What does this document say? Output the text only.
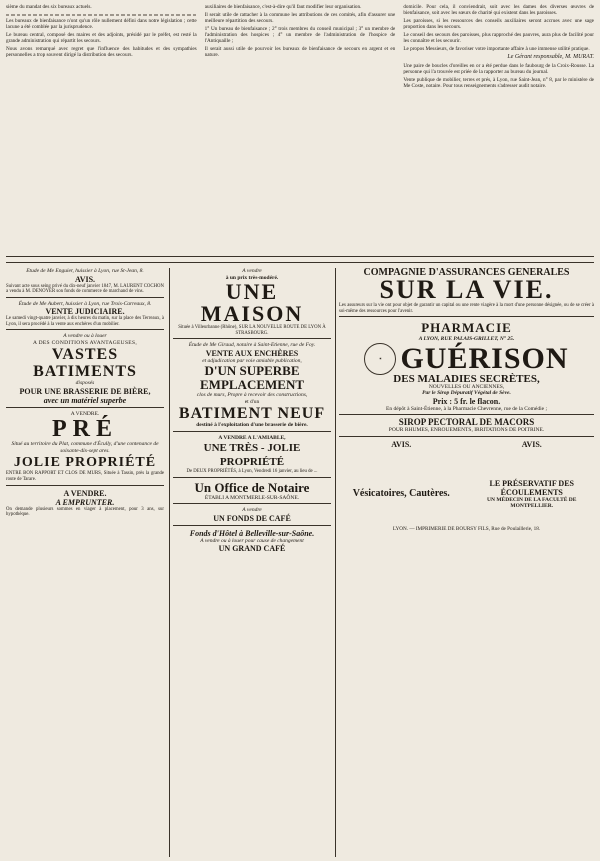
sième du mandat des six bureaux actuels.

Les bureaux de bienfaisance n'ont qu'un rôle nullement défini dans notre législation ; cette lacune a été comblée par la jurisprudence.

Le bureau central, composé des maires et des adjoints, présidé par le préfet, est resté la grande administration qui répartit les secours.

Nous avons remarqué avec regret que l'influence des habitudes et des sympathies personnelles a trop souvent dirigé la distribution des secours.

auxiliaires de bienfaisance, c'est-à-dire qu'il faut modifier leur organisation.

Il serait utile de rattacher à la commune les attributions de ces comités, afin d'assurer une meilleure répartition des secours.

1° Un bureau de bienfaisance ; 2° trois membres du conseil municipal ; 3° un membre de l'administration des hospices ; 4° un membre de l'administration de l'hospice de l'Antiquaille ;

Il serait aussi utile de pourvoir les bureaux de bienfaisance de secours en argent et en nature.

domicile. Pour cela, il conviendrait, soit avec les dames des diverses œuvres de bienfaisance, soit avec les sœurs de charité qui existent dans les paroisses.

Les paroisses, si les ressources des conseils auxiliaires seront accrues avec une sage proportion dans les secours.

Le conseil des secours des paroisses, plus rapproché des pauvres, aura plus de facilité pour les connaître et les secourir.

Le propos Messieurs, de favoriser votre importante affaire à une immense utilité pratique.

Le Gérant responsable, M. MURAT.

Une paire de boucles d'oreilles en or a été perdue dans le faubourg de la Croix-Rousse. La personne qui l'a trouvée est priée de la rapporter au bureau du journal.

Vente publique de mobilier, terres et prés, à Lyon, rue Saint-Jean, n° 8, par le ministère de Me Coste, notaire. Pour tous renseignements s'adresser audit notaire.

Étude de Me Enguier, huissier à Lyon, rue St-Jean, 8.
AVIS.
Suivant acte sous seing privé du dix-neuf janvier 1847, M. LAURENT COCHON a vendu à M. DENOYER son fonds de commerce de marchand de vins.
Étude de Me Aubert, huissier à Lyon, rue Trois-Carreaux, 8.
VENTE JUDICIAIRE.
Le samedi vingt-quatre janvier, à dix heures du matin, sur la place des Terreaux, à Lyon, il sera procédé à la vente aux enchères d'un mobilier.
A vendre ou à louer
A DES CONDITIONS AVANTAGEUSES,
VASTES BATIMENTS
disposés
POUR UNE BRASSERIE DE BIÈRE,
avec un matériel superbe
A VENDRE.
PRÉ
Situé au territoire du Plat, commune d'Écully, d'une contenance de soixante-dix-sept ares.
JOLIE PROPRIÉTÉ
ENTRE BON RAPPORT ET CLOS DE MURS, Située à Tassin, près la grande route de Tarare.
A VENDRE.
A EMPRUNTER.
On demande plusieurs sommes en viager à placement, pour 3 ans, sur hypothèque.
A vendre
à un prix très-modéré.
UNE MAISON
Située à Villeurbanne (Rhône), SUR LA NOUVELLE ROUTE DE LYON À STRASBOURG.
Étude de Me Giraud, notaire à Saint-Etienne, rue de Foy.
VENTE AUX ENCHÈRES
et adjudication par voie amiable publication,
D'UN SUPERBE EMPLACEMENT
clos de murs, Propre à recevoir des constructions,
et d'un
BATIMENT NEUF
destiné à l'exploitation d'une brasserie de bière.
A VENDRE A L'AMIABLE,
UNE TRÈS - JOLIE PROPRIÉTÉ
De DEUX PROPRIÉTÉS, à Lyon, Vendredi 16 janvier, au lieu de ...
Un Office de Notaire
ÉTABLI A MONTMERLE-SUR-SAÔNE.
A vendre
UN FONDS DE CAFÉ
Fonds d'Hôtel à Belleville-sur-Saône.
A vendre ou à louer pour cause de changement
UN GRAND CAFÉ
COMPAGNIE D'ASSURANCES GÉNÉRALES
SUR LA VIE.
Les assureurs sur la vie ont pour objet de garantir un capital ou une rente viagère à la mort d'une personne désignée, ou de se créer à soi-même des ressources pour l'avenir.
PHARMACIE
A LYON, RUE PALAIS-GRILLET, N° 25.
✶ GUÉRISON
DES MALADIES SECRÈTES,
NOUVELLES OU ANCIENNES,
Par le Sirop Dépuratif Végétal de Sève.
Prix : 5 fr. le flacon.
En dépôt à Saint-Étienne, à la Pharmacie Chevrenne, rue de la Comédie ;
SIROP PECTORAL DE MACORS
POUR RHUMES, ENROUEMENTS, IRRITATIONS DE POITRINE.
AVIS.
Vésicatoires, Cautères.
AVIS.
LE PRÉSERVATIF DES ÉCOULEMENTS
UN MÉDECIN DE LA FACULTÉ DE MONTPELLIER.
LYON. — IMPRIMERIE DE BOURSY FILS, Rue de Poulaillerie, 18.
